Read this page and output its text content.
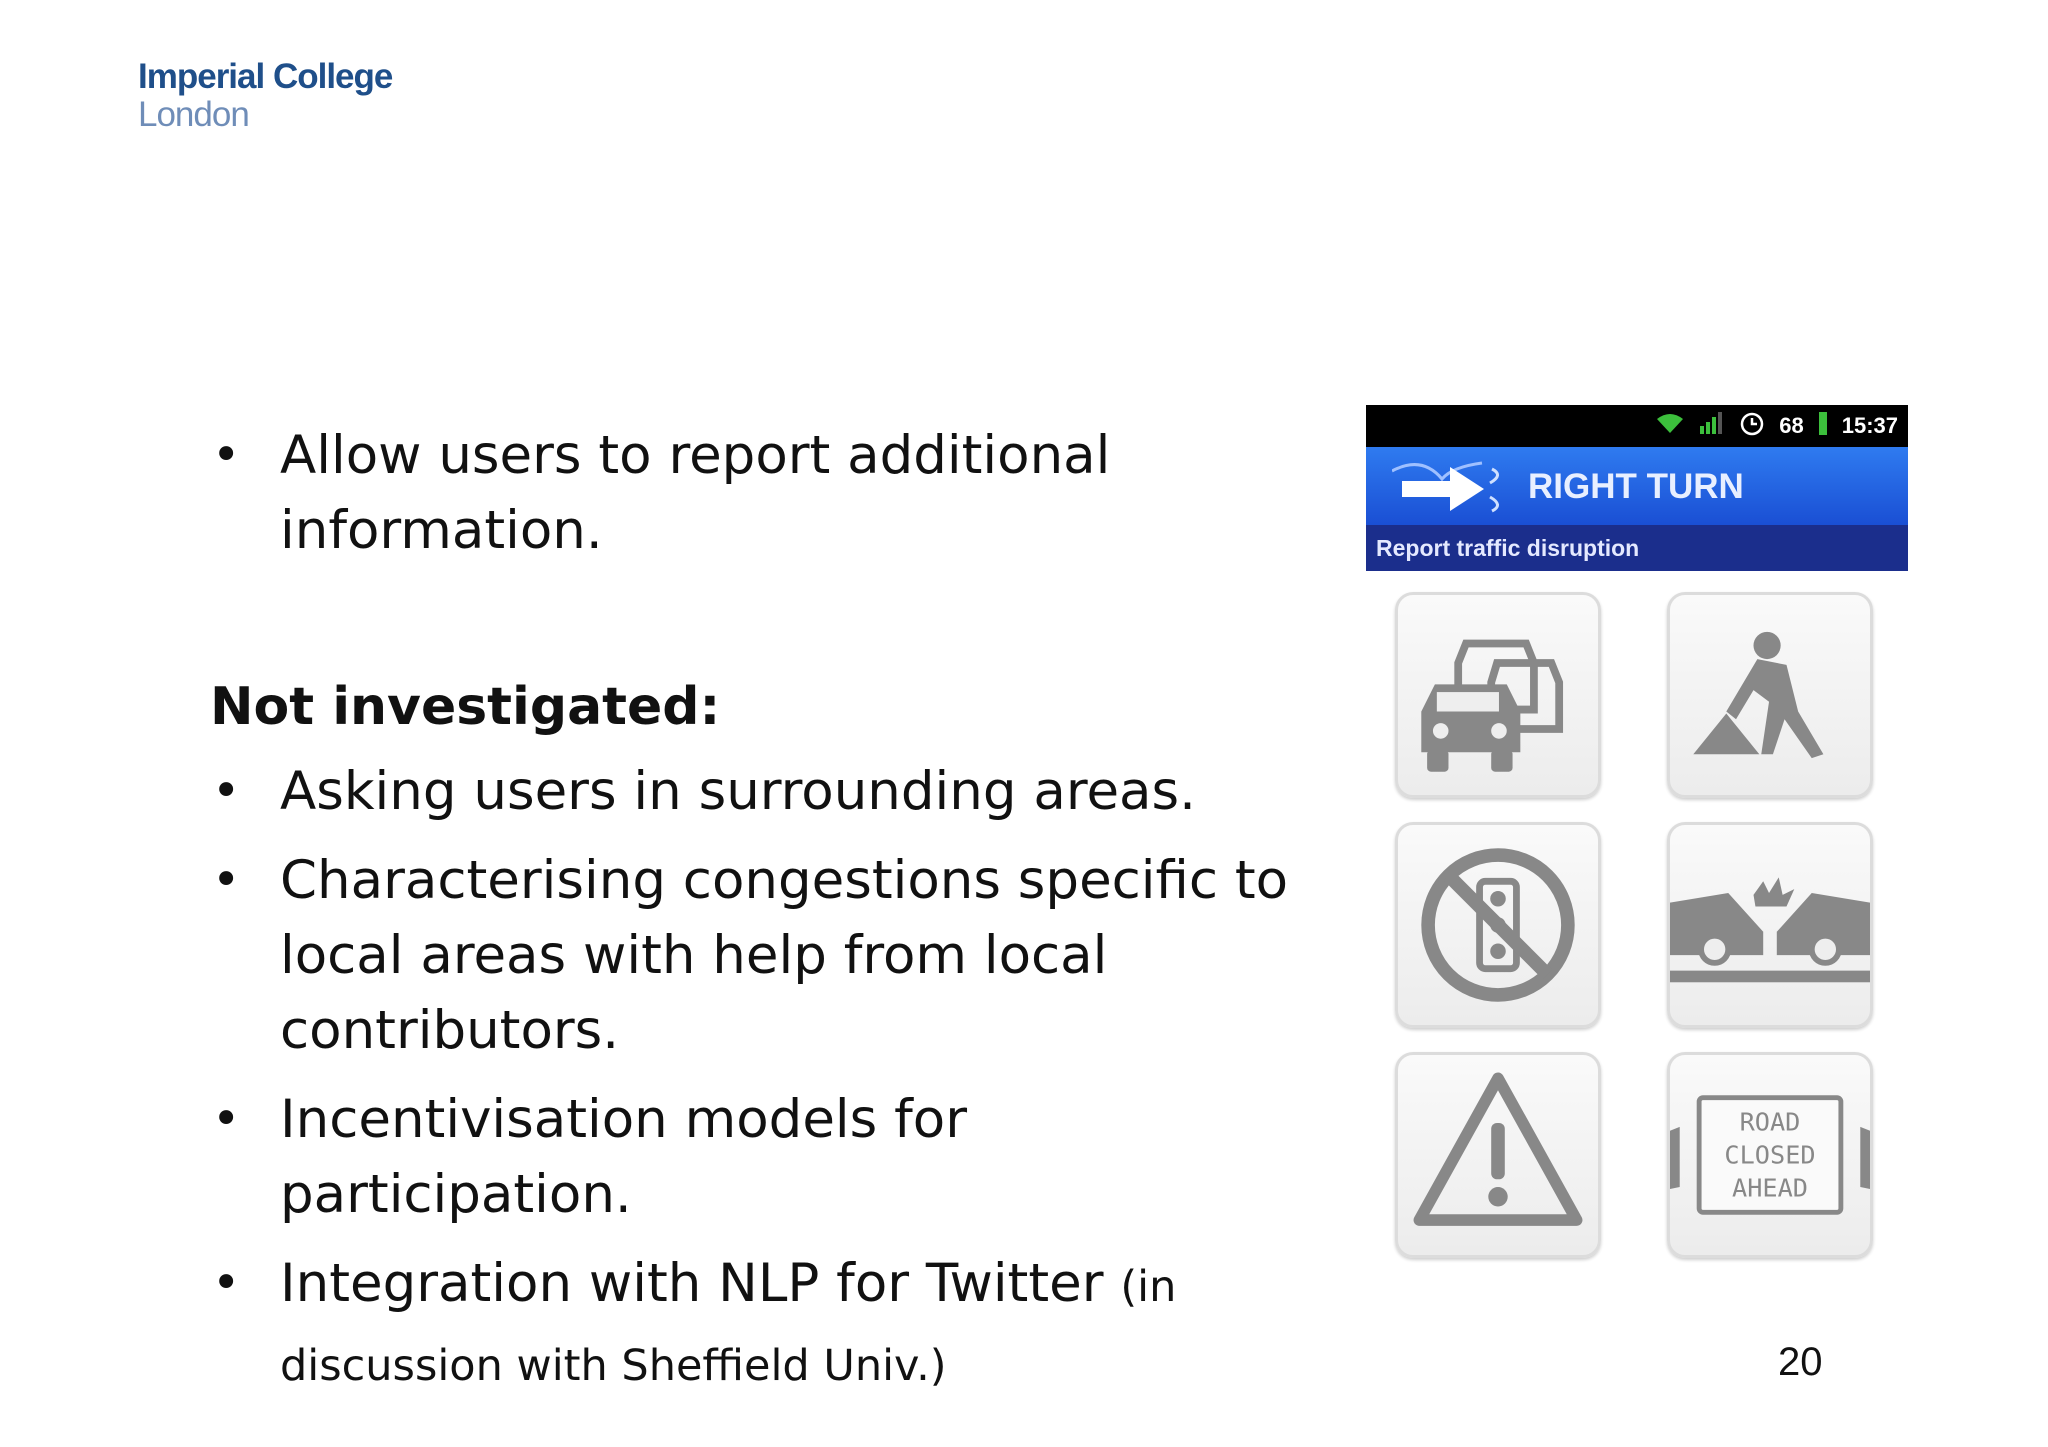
Imperial College
London
• Allow users to report additional information.
Not investigated:
• Asking users in surrounding areas.
• Characterising congestions specific to local areas with help from local contributors.
• Incentivisation models for participation.
• Integration with NLP for Twitter (in discussion with Sheffield Univ.)
68 15:37
RIGHT TURN
Report traffic disruption
ROAD
CLOSED
AHEAD
20
